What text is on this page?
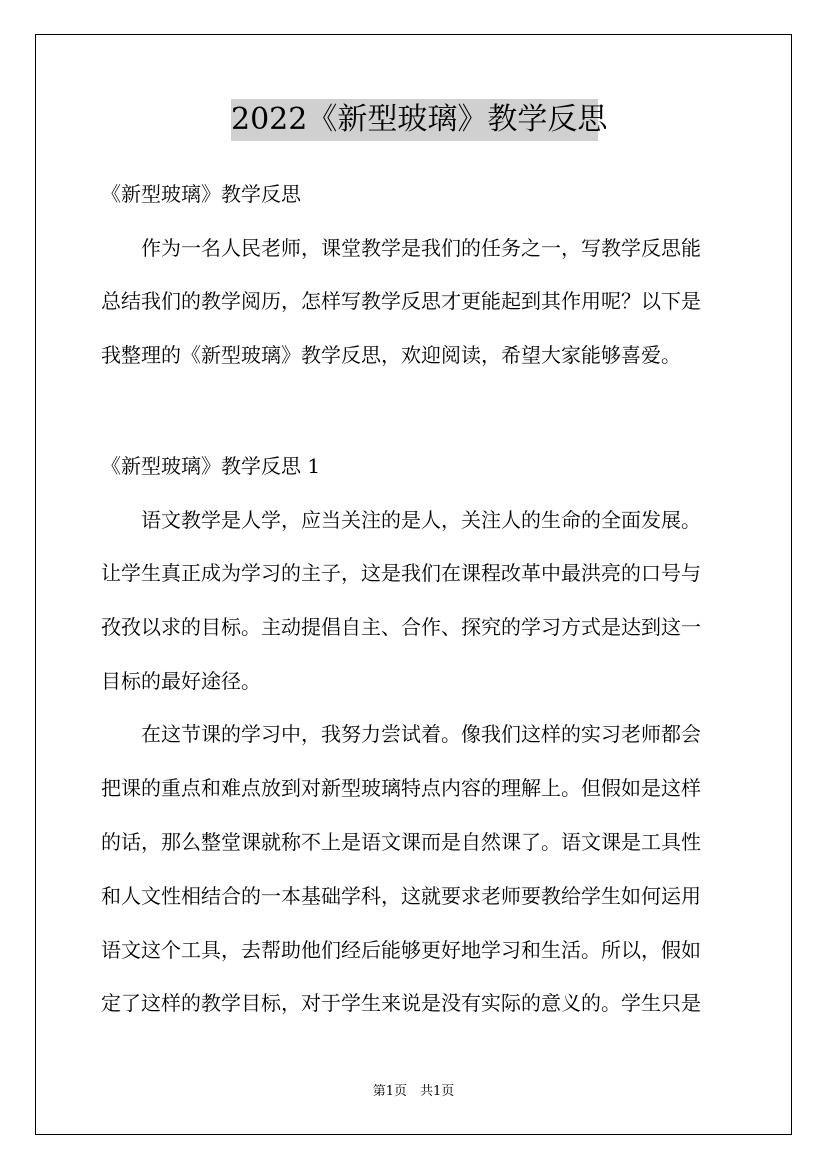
2022《新型玻璃》教学反思
《新型玻璃》教学反思
　　作为一名人民老师，课堂教学是我们的任务之一，写教学反思能
总结我们的教学阅历，怎样写教学反思才更能起到其作用呢？以下是
我整理的《新型玻璃》教学反思，欢迎阅读，希望大家能够喜爱。
《新型玻璃》教学反思 1
　　语文教学是人学，应当关注的是人，关注人的生命的全面发展。
让学生真正成为学习的主子，这是我们在课程改革中最洪亮的口号与
孜孜以求的目标。主动提倡自主、合作、探究的学习方式是达到这一
目标的最好途径。
　　在这节课的学习中，我努力尝试着。像我们这样的实习老师都会
把课的重点和难点放到对新型玻璃特点内容的理解上。但假如是这样
的话，那么整堂课就称不上是语文课而是自然课了。语文课是工具性
和人文性相结合的一本基础学科，这就要求老师要教给学生如何运用
语文这个工具，去帮助他们经后能够更好地学习和生活。所以，假如
定了这样的教学目标，对于学生来说是没有实际的意义的。学生只是
第1页　共1页
